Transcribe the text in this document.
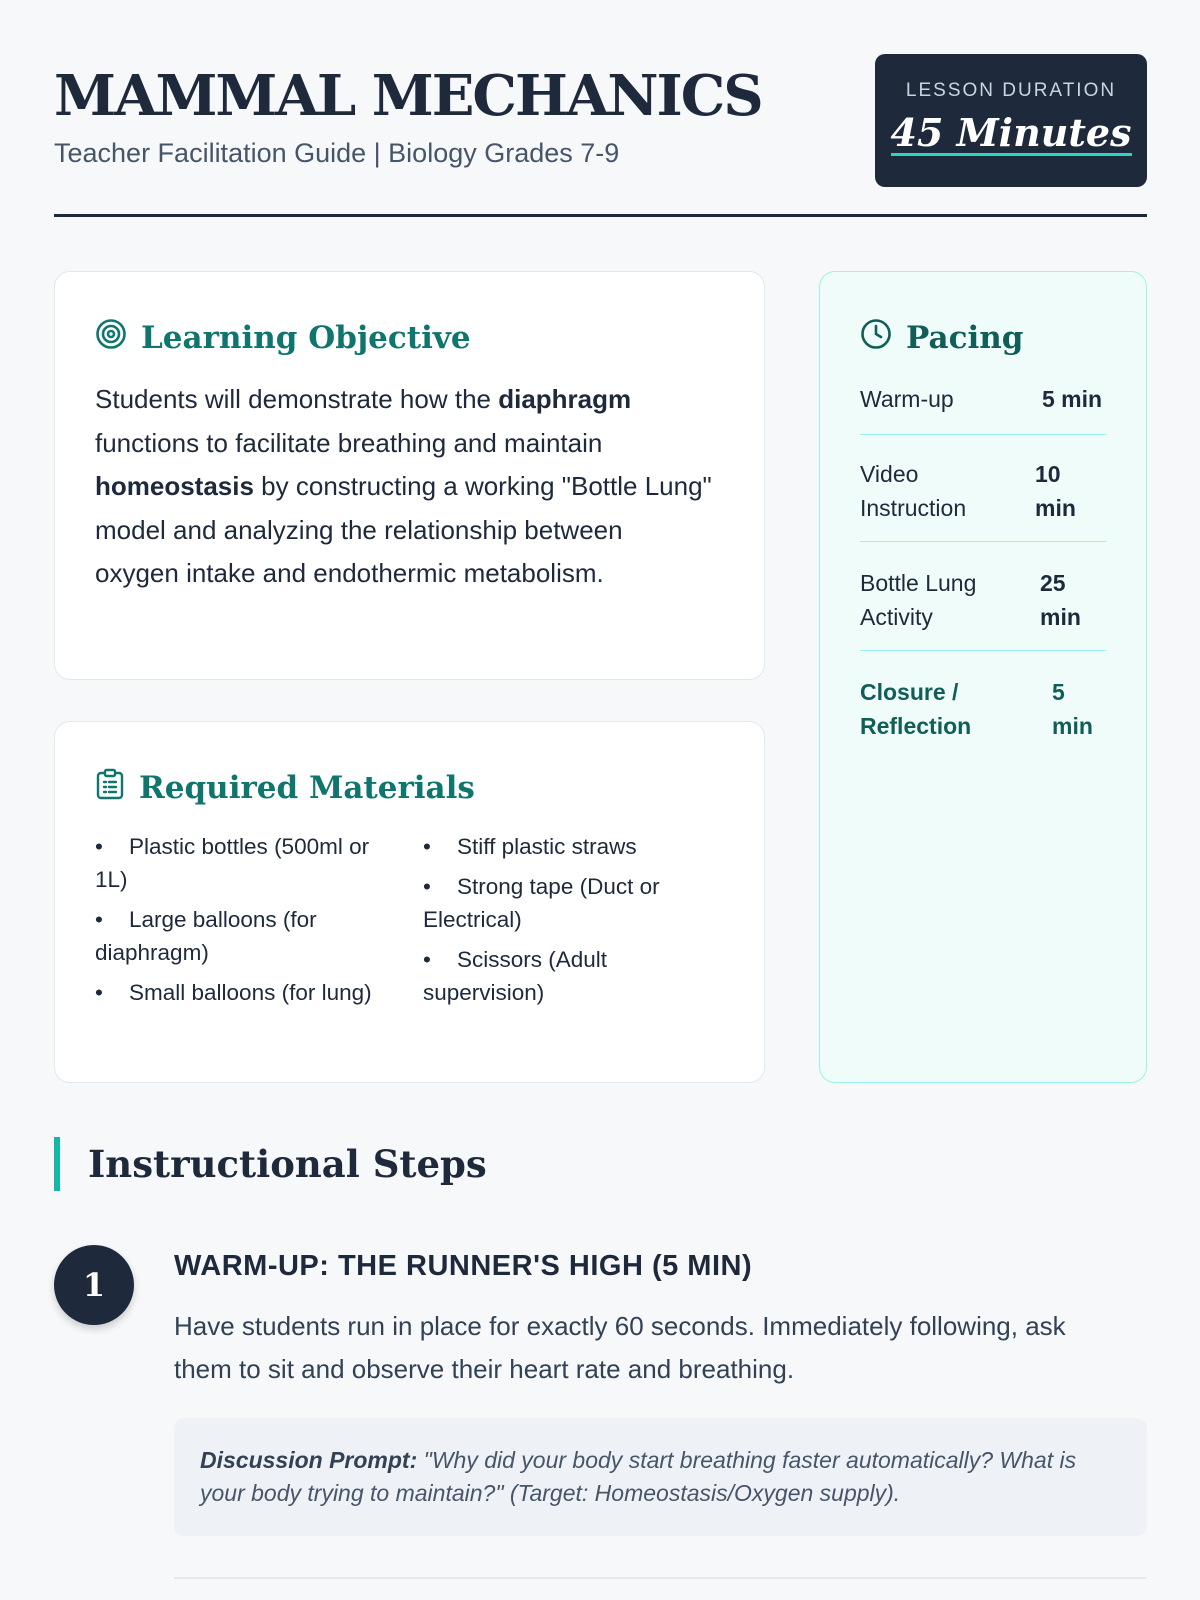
MAMMAL MECHANICS
Teacher Facilitation Guide | Biology Grades 7-9
LESSON DURATION
45 Minutes
Learning Objective

Students will demonstrate how the diaphragm functions to facilitate breathing and maintain homeostasis by constructing a working "Bottle Lung" model and analyzing the relationship between oxygen intake and endothermic metabolism.

Required Materials
• Plastic bottles (500ml or 1L)
• Large balloons (for diaphragm)
• Small balloons (for lung)
• Stiff plastic straws
• Strong tape (Duct or Electrical)
• Scissors (Adult supervision)
Pacing
Warm-up	5 min
Video Instruction
10 min
Bottle Lung Activity
25 min
Closure / Reflection
5 min
Instructional Steps
1	WARM-UP: THE RUNNER'S HIGH (5 MIN)

Have students run in place for exactly 60 seconds. Immediately following, ask them to sit and observe their heart rate and breathing.

Discussion Prompt: "Why did your body start breathing faster automatically? What is your body trying to maintain?" (Target: Homeostasis/Oxygen supply).
